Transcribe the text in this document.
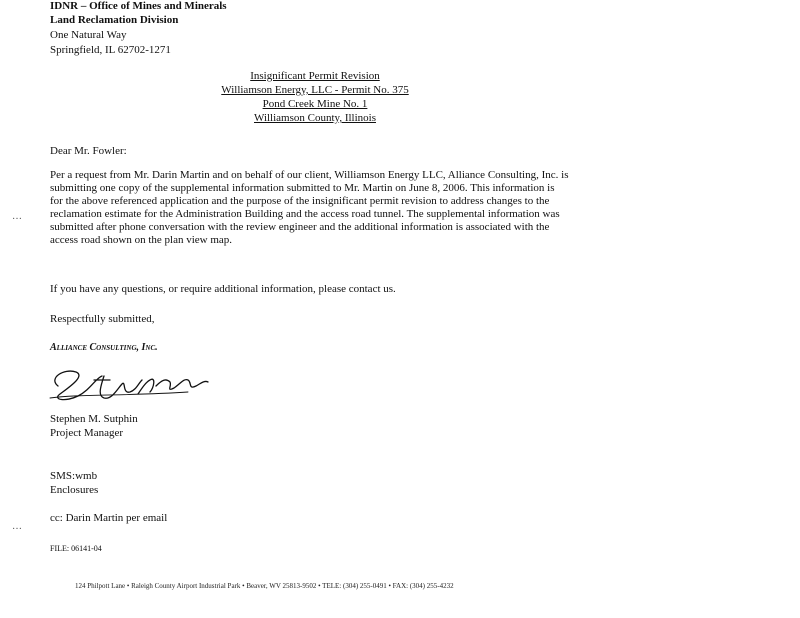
IDNR – Office of Mines and Minerals
Land Reclamation Division
One Natural Way
Springfield, IL 62702-1271
Insignificant Permit Revision
Williamson Energy, LLC - Permit No. 375
Pond Creek Mine No. 1
Williamson County, Illinois
Dear Mr. Fowler:
Per a request from Mr. Darin Martin and on behalf of our client, Williamson Energy LLC, Alliance Consulting, Inc. is submitting one copy of the supplemental information submitted to Mr. Martin on June 8, 2006. This information is for the above referenced application and the purpose of the insignificant permit revision to address changes to the reclamation estimate for the Administration Building and the access road tunnel. The supplemental information was submitted after phone conversation with the review engineer and the additional information is associated with the access road shown on the plan view map.
If you have any questions, or require additional information, please contact us.
Respectfully submitted,
Alliance Consulting, Inc.
Stephen M. Sutphin
Project Manager
SMS:wmb
Enclosures
cc: Darin Martin per email
FILE: 06141-04
124 Philpott Lane • Raleigh County Airport Industrial Park • Beaver, WV 25813-9502 • TELE: (304) 255-0491 • FAX: (304) 255-4232
…
…
